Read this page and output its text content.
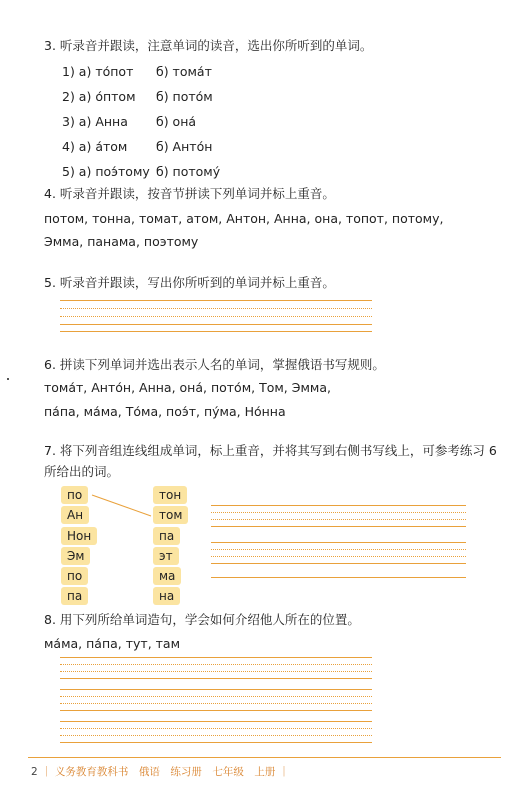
3. 听录音并跟读，注意单词的读音，选出你所听到的单词。
1) а) то́пот б) тома́т
2) а) о́птом б) пото́м
3) а) Анна б) она́
4) а) а́том б) Анто́н
5) а) поэ́тому б) потому́
4. 听录音并跟读，按音节拼读下列单词并标上重音。
потом, тонна, томат, атом, Антон, Анна, она, топот, потому,
Эмма, панама, поэтому
5. 听录音并跟读，写出你所听到的单词并标上重音。
6. 拼读下列单词并选出表示人名的单词，掌握俄语书写规则。
тома́т, Анто́н, Анна, она́, пото́м, Том, Эмма,
па́па, ма́ма, То́ма, поэ́т, пу́ма, Но́нна
7. 将下列音组连线组成单词，标上重音，并将其写到右侧书写线上，可参考练习 6
所给出的词。
по
Ан
Нон
Эм
по
па
тон
том
па
эт
ма
на
8. 用下列所给单词造句，学会如何介绍他人所在的位置。
ма́ма, па́па, тут, там
2 ｜ 义务教育教科书　俄语　练习册　七年级　上册 ｜
